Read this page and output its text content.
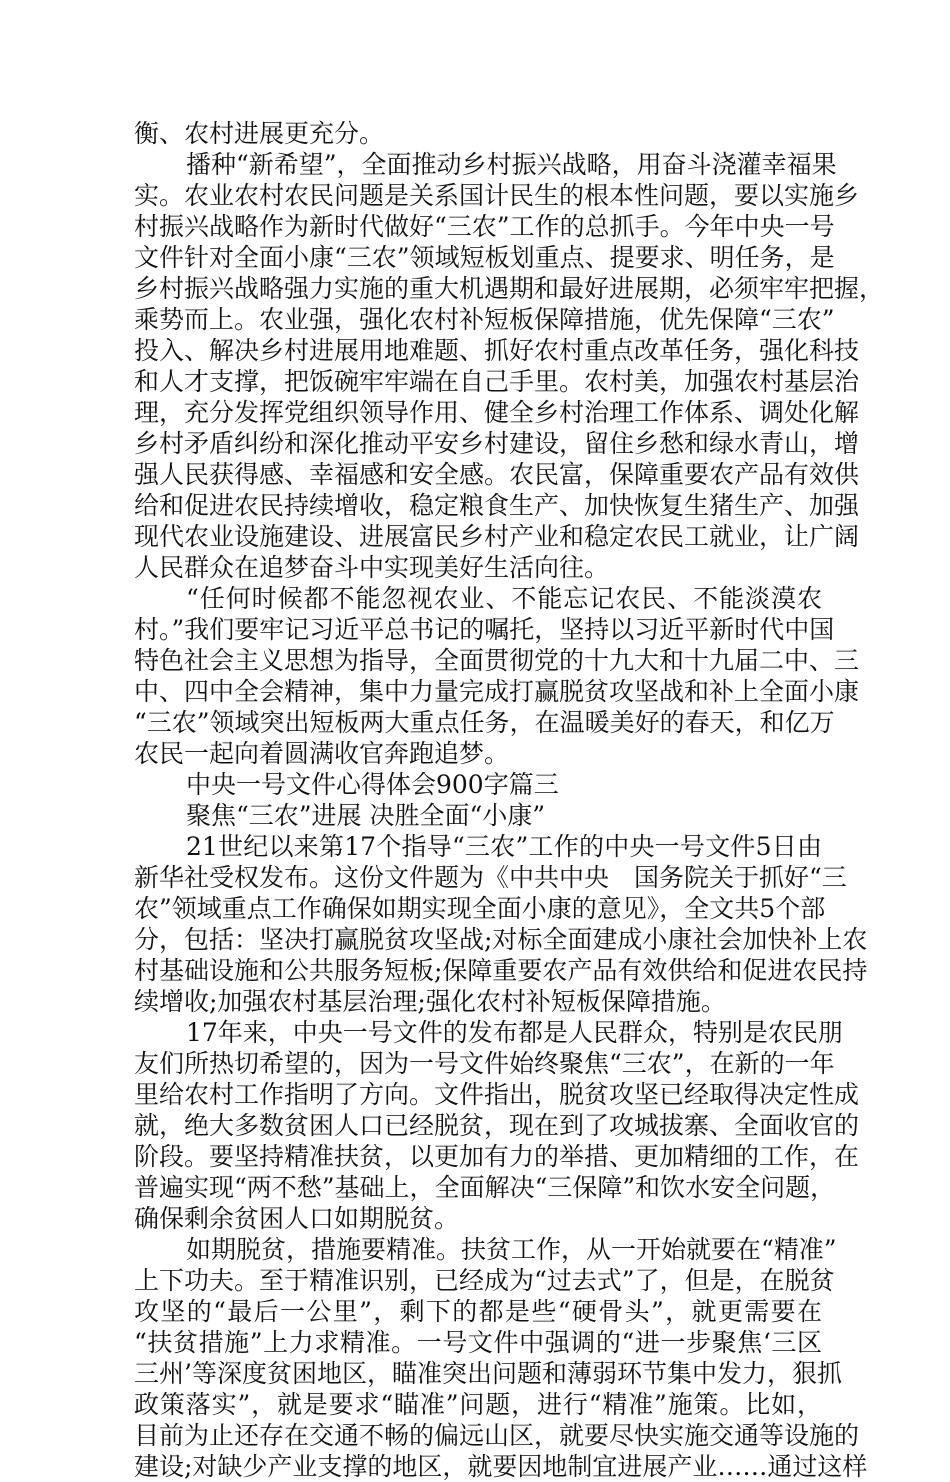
衡、农村进展更充分。
播种“新希望”，全面推动乡村振兴战略，用奋斗浇灌幸福果
实。农业农村农民问题是关系国计民生的根本性问题，要以实施乡
村振兴战略作为新时代做好“三农”工作的总抓手。今年中央一号
文件针对全面小康“三农”领域短板划重点、提要求、明任务，是
乡村振兴战略强力实施的重大机遇期和最好进展期，必须牢牢把握，
乘势而上。农业强，强化农村补短板保障措施，优先保障“三农”
投入、解决乡村进展用地难题、抓好农村重点改革任务，强化科技
和人才支撑，把饭碗牢牢端在自己手里。农村美，加强农村基层治
理，充分发挥党组织领导作用、健全乡村治理工作体系、调处化解
乡村矛盾纠纷和深化推动平安乡村建设，留住乡愁和绿水青山，增
强人民获得感、幸福感和安全感。农民富，保障重要农产品有效供
给和促进农民持续增收，稳定粮食生产、加快恢复生猪生产、加强
现代农业设施建设、进展富民乡村产业和稳定农民工就业，让广阔
人民群众在追梦奋斗中实现美好生活向往。
“任何时候都不能忽视农业、不能忘记农民、不能淡漠农
村。”我们要牢记习近平总书记的嘱托，坚持以习近平新时代中国
特色社会主义思想为指导，全面贯彻党的十九大和十九届二中、三
中、四中全会精神，集中力量完成打赢脱贫攻坚战和补上全面小康
“三农”领域突出短板两大重点任务，在温暖美好的春天，和亿万
农民一起向着圆满收官奔跑追梦。
中央一号文件心得体会900字篇三
聚焦“三农”进展 决胜全面“小康”
21世纪以来第17个指导“三农”工作的中央一号文件5日由
新华社受权发布。这份文件题为《中共中央　国务院关于抓好“三
农”领域重点工作确保如期实现全面小康的意见》，全文共5个部
分，包括：坚决打赢脱贫攻坚战;对标全面建成小康社会加快补上农
村基础设施和公共服务短板;保障重要农产品有效供给和促进农民持
续增收;加强农村基层治理;强化农村补短板保障措施。
17年来，中央一号文件的发布都是人民群众，特别是农民朋
友们所热切希望的，因为一号文件始终聚焦“三农”，在新的一年
里给农村工作指明了方向。文件指出，脱贫攻坚已经取得决定性成
就，绝大多数贫困人口已经脱贫，现在到了攻城拔寨、全面收官的
阶段。要坚持精准扶贫，以更加有力的举措、更加精细的工作，在
普遍实现“两不愁”基础上，全面解决“三保障”和饮水安全问题，
确保剩余贫困人口如期脱贫。
如期脱贫，措施要精准。扶贫工作，从一开始就要在“精准”
上下功夫。至于精准识别，已经成为“过去式”了，但是，在脱贫
攻坚的“最后一公里”，剩下的都是些“硬骨头”，就更需要在
“扶贫措施”上力求精准。一号文件中强调的“进一步聚焦‘三区
三州’等深度贫困地区，瞄准突出问题和薄弱环节集中发力，狠抓
政策落实”，就是要求“瞄准”问题，进行“精准”施策。比如，
目前为止还存在交通不畅的偏远山区，就要尽快实施交通等设施的
建设;对缺少产业支撑的地区，就要因地制宜进展产业……通过这样
